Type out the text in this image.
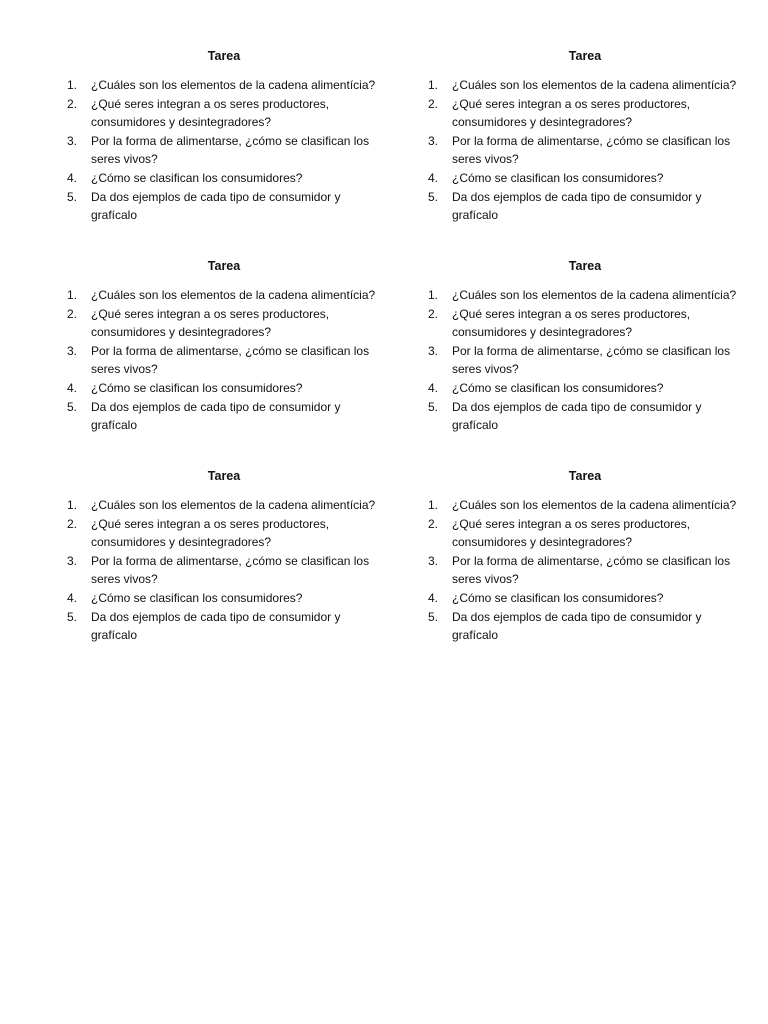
Tarea
1. ¿Cuáles son los elementos de la cadena alimentícia?
2. ¿Qué seres integran a os seres productores, consumidores y desintegradores?
3. Por la forma de alimentarse, ¿cómo se clasifican los seres vivos?
4. ¿Cómo se clasifican los consumidores?
5. Da dos ejemplos de cada tipo de consumidor y grafícalo
Tarea
1. ¿Cuáles son los elementos de la cadena alimentícia?
2. ¿Qué seres integran a os seres productores, consumidores y desintegradores?
3. Por la forma de alimentarse, ¿cómo se clasifican los seres vivos?
4. ¿Cómo se clasifican los consumidores?
5. Da dos ejemplos de cada tipo de consumidor y grafícalo
Tarea
1. ¿Cuáles son los elementos de la cadena alimentícia?
2. ¿Qué seres integran a os seres productores, consumidores y desintegradores?
3. Por la forma de alimentarse, ¿cómo se clasifican los seres vivos?
4. ¿Cómo se clasifican los consumidores?
5. Da dos ejemplos de cada tipo de consumidor y grafícalo
Tarea
1. ¿Cuáles son los elementos de la cadena alimentícia?
2. ¿Qué seres integran a os seres productores, consumidores y desintegradores?
3. Por la forma de alimentarse, ¿cómo se clasifican los seres vivos?
4. ¿Cómo se clasifican los consumidores?
5. Da dos ejemplos de cada tipo de consumidor y grafícalo
Tarea
1. ¿Cuáles son los elementos de la cadena alimentícia?
2. ¿Qué seres integran a os seres productores, consumidores y desintegradores?
3. Por la forma de alimentarse, ¿cómo se clasifican los seres vivos?
4. ¿Cómo se clasifican los consumidores?
5. Da dos ejemplos de cada tipo de consumidor y grafícalo
Tarea
1. ¿Cuáles son los elementos de la cadena alimentícia?
2. ¿Qué seres integran a os seres productores, consumidores y desintegradores?
3. Por la forma de alimentarse, ¿cómo se clasifican los seres vivos?
4. ¿Cómo se clasifican los consumidores?
5. Da dos ejemplos de cada tipo de consumidor y grafícalo
